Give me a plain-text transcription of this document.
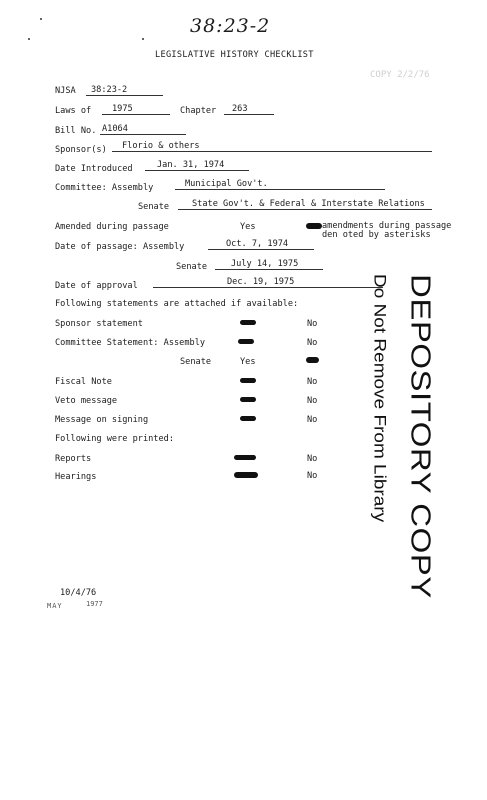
38:23-2
LEGISLATIVE HISTORY CHECKLIST
COPY 2/2/76
NJSA	38:23-2
Laws of	1975	Chapter	263
Bill No. A1064
Sponsor(s)	Florio & others
Date Introduced	Jan. 31, 1974
Committee: Assembly	Municipal Gov't.
Senate	State Gov't. & Federal & Interstate Relations
Amended during passage	Yes	amendments during passage
den oted by asterisks
Date of passage: Assembly	Oct. 7, 1974
Senate	July 14, 1975
Date of approval	Dec. 19, 1975
Following statements are attached if available:
Sponsor statement	No
Committee Statement: Assembly	No
Senate	Yes
Fiscal Note	No
Veto message	No
Message on signing	No
Following were printed:
Reports	No
Hearings	No	DEPOSITORY COPY
Do Not Remove From Library
10/4/76
MAY	1977
